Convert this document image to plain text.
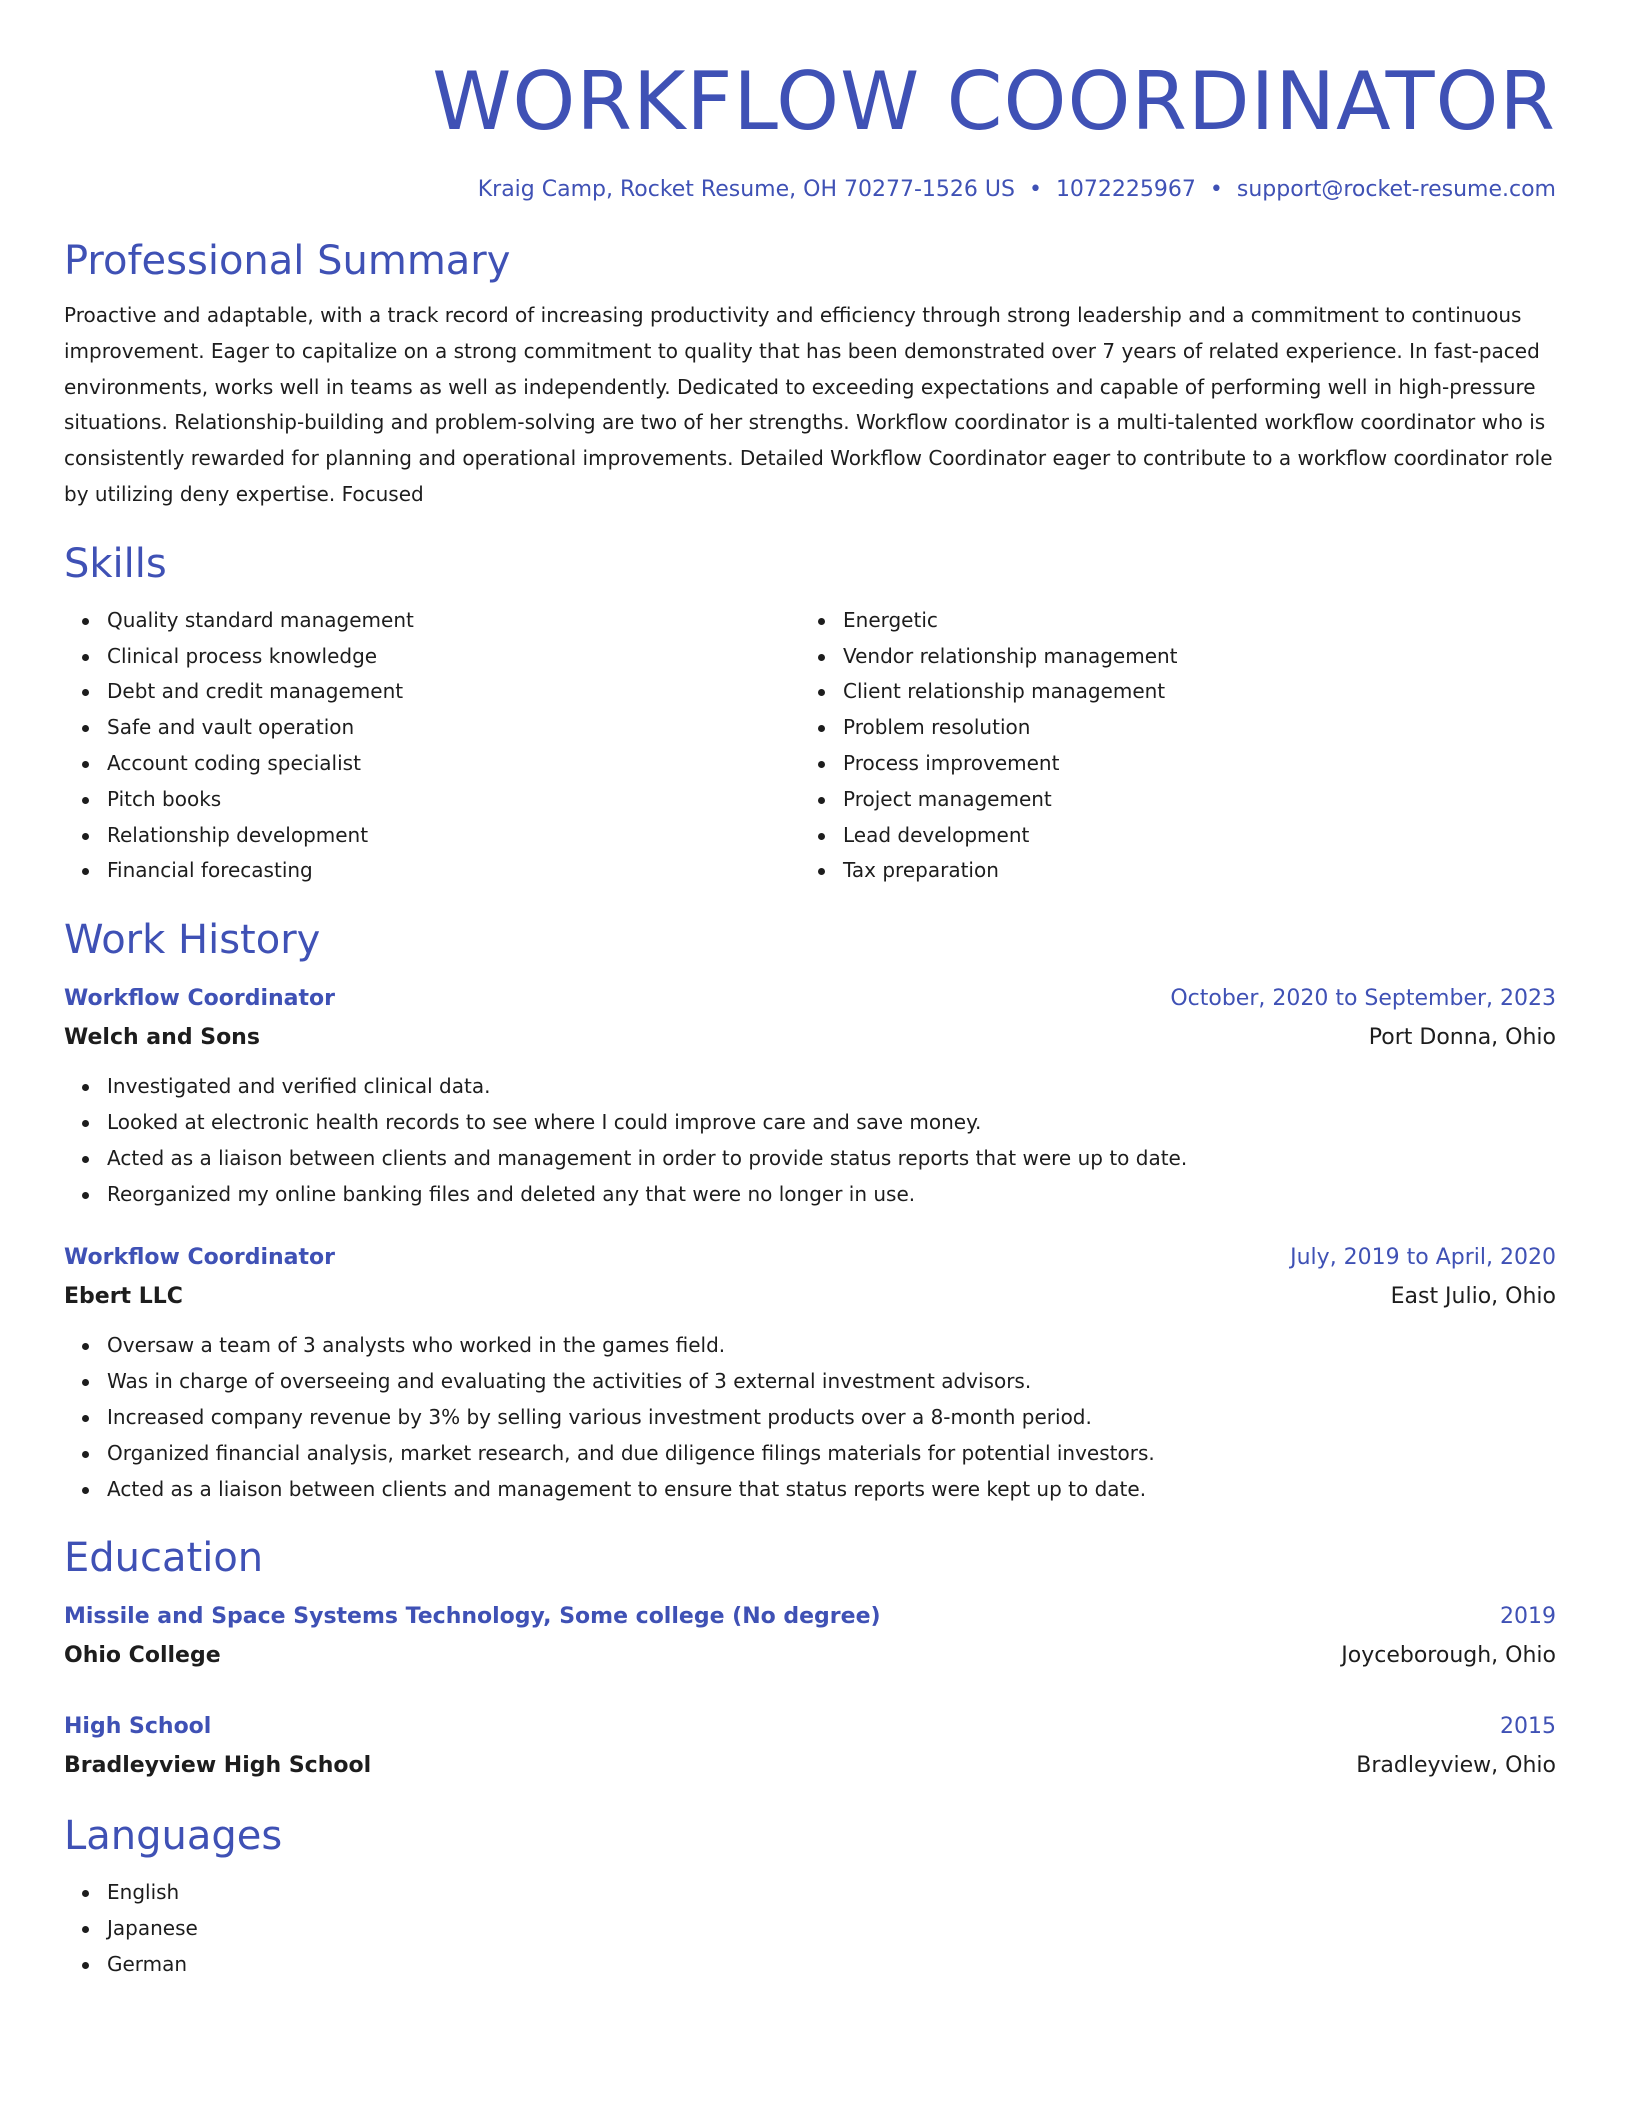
WORKFLOW COORDINATOR
Kraig Camp, Rocket Resume, OH 70277-1526 US • 1072225967 • support@rocket-resume.com
Professional Summary
Proactive and adaptable, with a track record of increasing productivity and efficiency through strong leadership and a commitment to continuous improvement. Eager to capitalize on a strong commitment to quality that has been demonstrated over 7 years of related experience. In fast-paced environments, works well in teams as well as independently. Dedicated to exceeding expectations and capable of performing well in high-pressure situations. Relationship-building and problem-solving are two of her strengths. Workflow coordinator is a multi-talented workflow coordinator who is consistently rewarded for planning and operational improvements. Detailed Workflow Coordinator eager to contribute to a workflow coordinator role by utilizing deny expertise. Focused
Skills
Quality standard management
Clinical process knowledge
Debt and credit management
Safe and vault operation
Account coding specialist
Pitch books
Relationship development
Financial forecasting
Energetic
Vendor relationship management
Client relationship management
Problem resolution
Process improvement
Project management
Lead development
Tax preparation
Work History
Workflow Coordinator	October, 2020 to September, 2023
Welch and Sons	Port Donna, Ohio
Investigated and verified clinical data.
Looked at electronic health records to see where I could improve care and save money.
Acted as a liaison between clients and management in order to provide status reports that were up to date.
Reorganized my online banking files and deleted any that were no longer in use.
Workflow Coordinator	July, 2019 to April, 2020
Ebert LLC	East Julio, Ohio
Oversaw a team of 3 analysts who worked in the games field.
Was in charge of overseeing and evaluating the activities of 3 external investment advisors.
Increased company revenue by 3% by selling various investment products over a 8-month period.
Organized financial analysis, market research, and due diligence filings materials for potential investors.
Acted as a liaison between clients and management to ensure that status reports were kept up to date.
Education
Missile and Space Systems Technology, Some college (No degree)	2019
Ohio College	Joyceborough, Ohio
High School	2015
Bradleyview High School	Bradleyview, Ohio
Languages
English
Japanese
German
